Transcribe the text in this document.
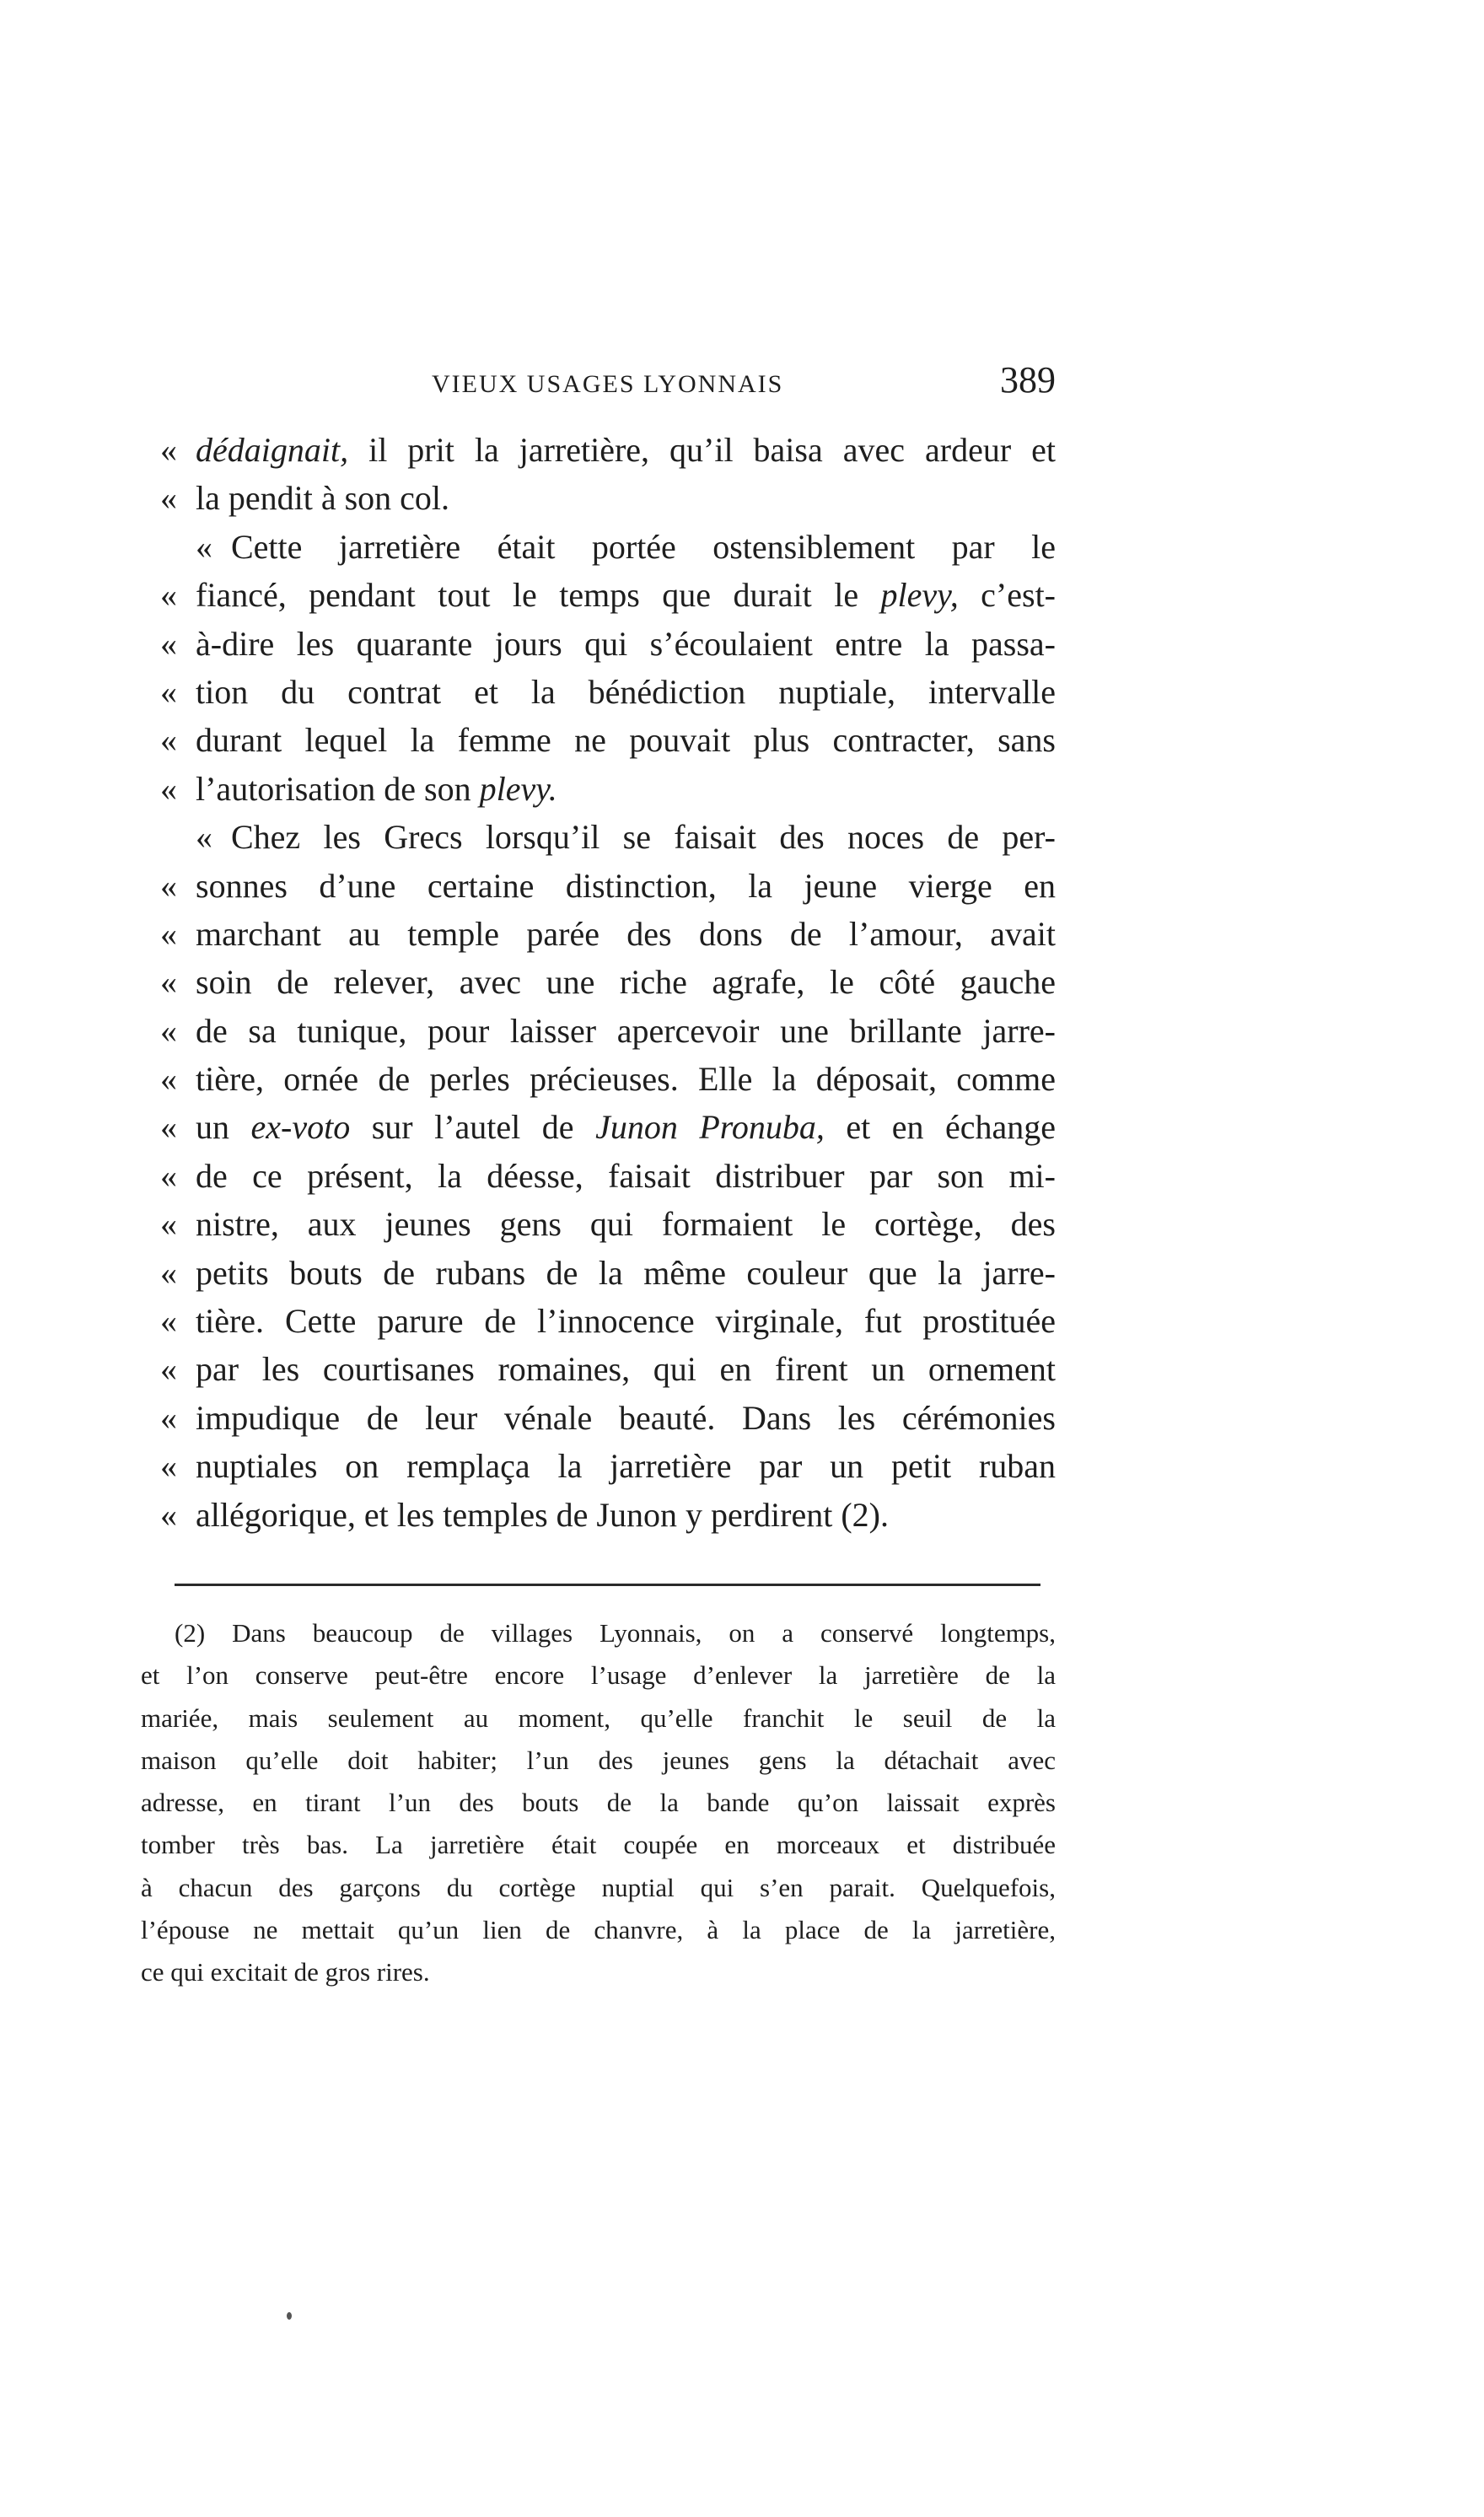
VIEUX USAGES LYONNAIS	389
« dédaignait, il prit la jarretière, qu’il baisa avec ardeur et
« la pendit à son col.
« Cette jarretière était portée ostensiblement par le
« fiancé, pendant tout le temps que durait le plevy, c’est-
« à-dire les quarante jours qui s’écoulaient entre la passa-
« tion du contrat et la bénédiction nuptiale, intervalle
« durant lequel la femme ne pouvait plus contracter, sans
« l’autorisation de son plevy.
« Chez les Grecs lorsqu’il se faisait des noces de per-
« sonnes d’une certaine distinction, la jeune vierge en
« marchant au temple parée des dons de l’amour, avait
« soin de relever, avec une riche agrafe, le côté gauche
« de sa tunique, pour laisser apercevoir une brillante jarre-
« tière, ornée de perles précieuses. Elle la déposait, comme
« un ex-voto sur l’autel de Junon Pronuba, et en échange
« de ce présent, la déesse, faisait distribuer par son mi-
« nistre, aux jeunes gens qui formaient le cortège, des
« petits bouts de rubans de la même couleur que la jarre-
« tière. Cette parure de l’innocence virginale, fut prostituée
« par les courtisanes romaines, qui en firent un ornement
« impudique de leur vénale beauté. Dans les cérémonies
« nuptiales on remplaça la jarretière par un petit ruban
« allégorique, et les temples de Junon y perdirent (2).
(2) Dans beaucoup de villages Lyonnais, on a conservé longtemps,
et l’on conserve peut-être encore l’usage d’enlever la jarretière de la
mariée, mais seulement au moment, qu’elle franchit le seuil de la
maison qu’elle doit habiter; l’un des jeunes gens la détachait avec
adresse, en tirant l’un des bouts de la bande qu’on laissait exprès
tomber très bas. La jarretière était coupée en morceaux et distribuée
à chacun des garçons du cortège nuptial qui s’en parait. Quelquefois,
l’épouse ne mettait qu’un lien de chanvre, à la place de la jarretière,
ce qui excitait de gros rires.
